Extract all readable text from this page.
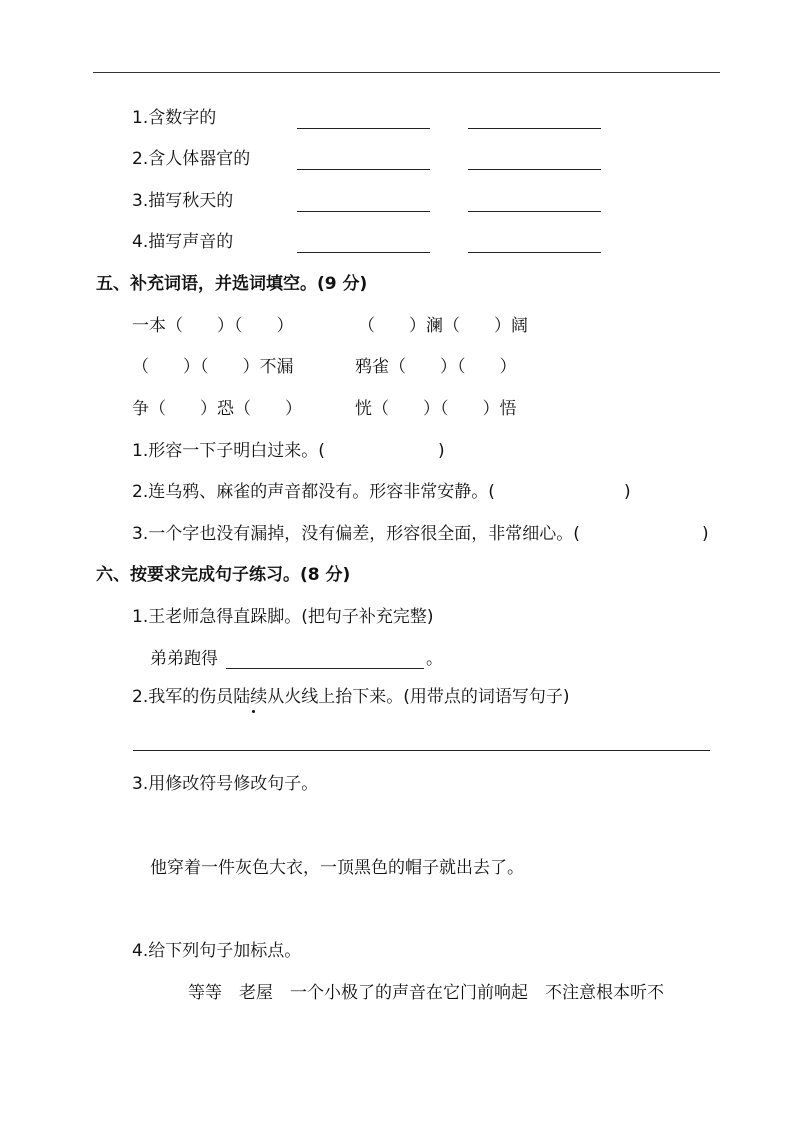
1.含数字的
2.含人体器官的
3.描写秋天的
4.描写声音的
五、补充词语，并选词填空。(9 分)
一本（　　）（　　）	（　　）澜（　　）阔
（　　）（　　）不漏	鸦雀（　　）（　　）
争（　　）恐（　　）	恍（　　）（　　）悟
1.形容一下子明白过来。(	)
2.连乌鸦、麻雀的声音都没有。形容非常安静。(	)
3.一个字也没有漏掉，没有偏差，形容很全面，非常细心。(	)
六、按要求完成句子练习。(8 分)
1.王老师急得直跺脚。(把句子补充完整)
弟弟跑得	。
2.我军的伤员陆续从火线上抬下来。(用带点的词语写句子)
3.用修改符号修改句子。
他穿着一件灰色大衣，一顶黑色的帽子就出去了。
4.给下列句子加标点。
等等　老屋　一个小极了的声音在它门前响起　不注意根本听不
